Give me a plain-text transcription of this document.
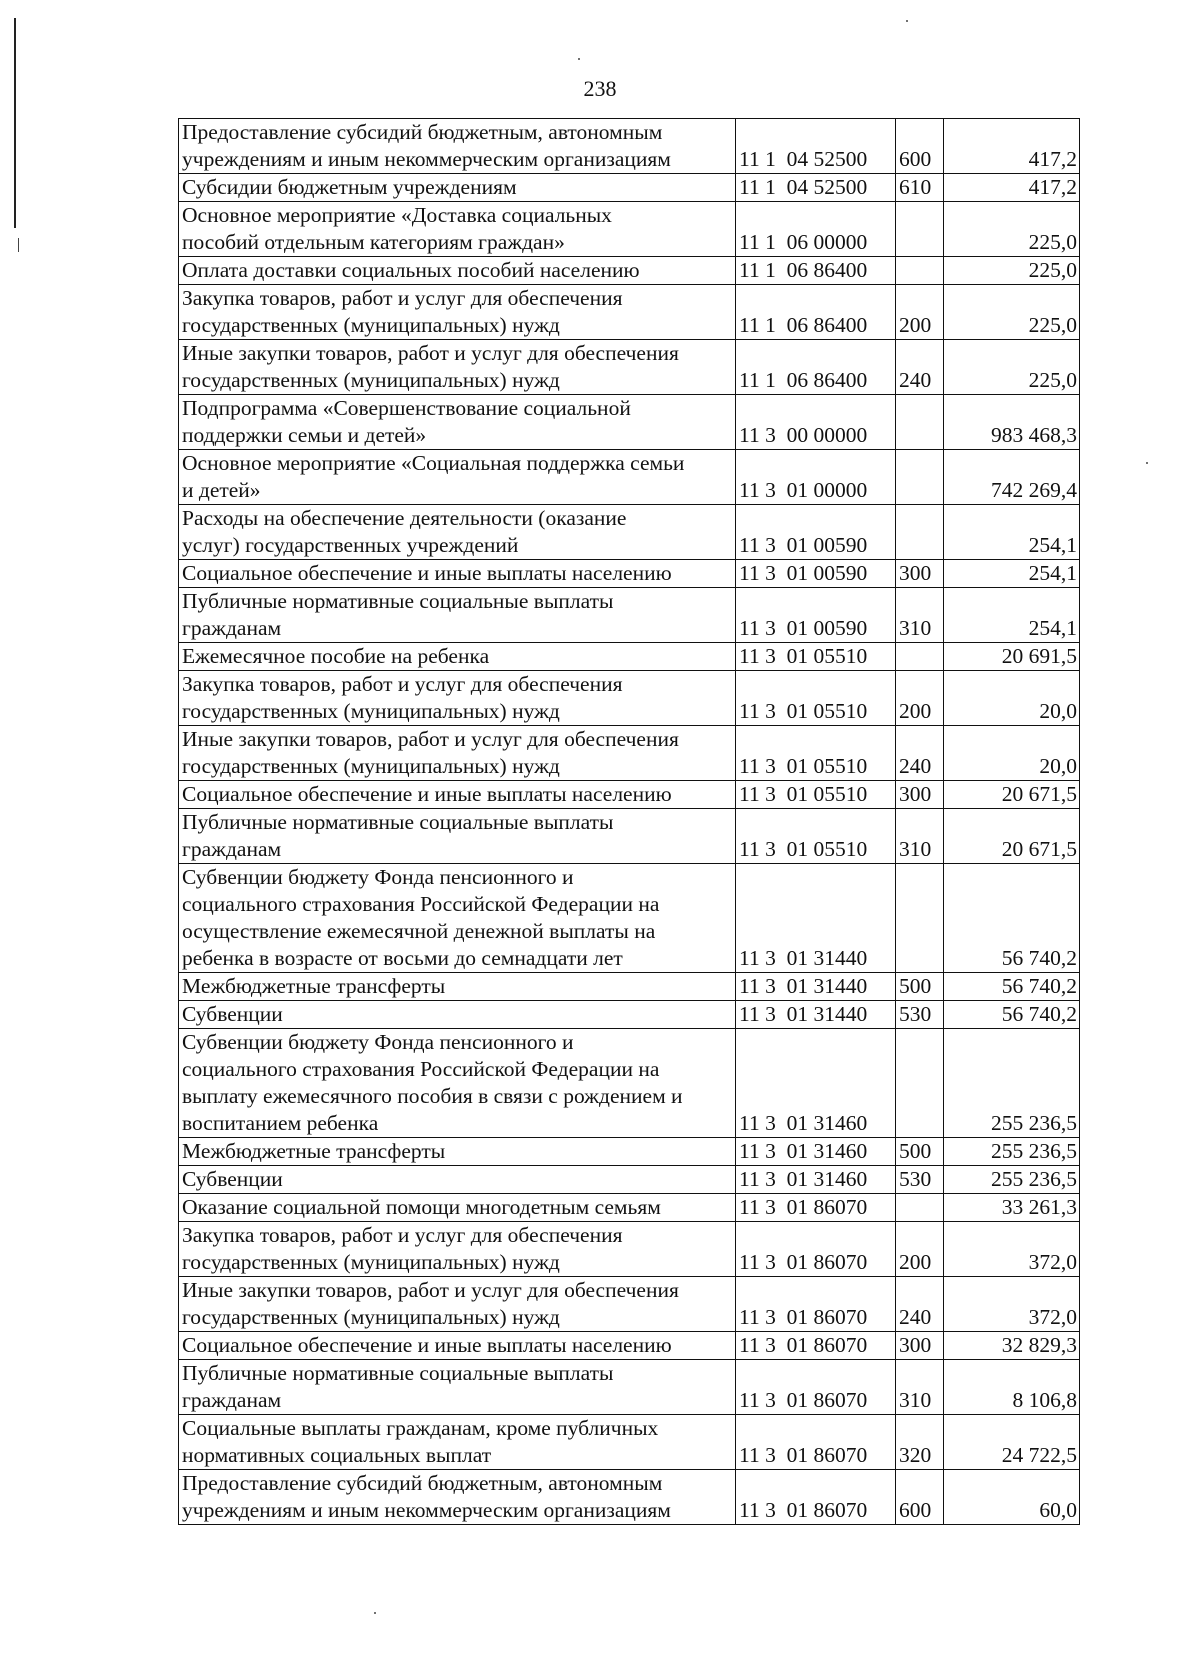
238
Предоставление субсидий бюджетным, автономным
учреждениям и иным некоммерческим организациям	11 1  04 52500	600	417,2
Субсидии бюджетным учреждениям	11 1  04 52500	610	417,2
Основное мероприятие «Доставка социальных
пособий отдельным категориям граждан»	11 1  06 00000		225,0
Оплата доставки социальных пособий населению	11 1  06 86400		225,0
Закупка товаров, работ и услуг для обеспечения
государственных (муниципальных) нужд	11 1  06 86400	200	225,0
Иные закупки товаров, работ и услуг для обеспечения
государственных (муниципальных) нужд	11 1  06 86400	240	225,0
Подпрограмма «Совершенствование социальной
поддержки семьи и детей»	11 3  00 00000		983 468,3
Основное мероприятие «Социальная поддержка семьи
и детей»	11 3  01 00000		742 269,4
Расходы на обеспечение деятельности (оказание
услуг) государственных учреждений	11 3  01 00590		254,1
Социальное обеспечение и иные выплаты населению	11 3  01 00590	300	254,1
Публичные нормативные социальные выплаты
гражданам	11 3  01 00590	310	254,1
Ежемесячное пособие на ребенка	11 3  01 05510		20 691,5
Закупка товаров, работ и услуг для обеспечения
государственных (муниципальных) нужд	11 3  01 05510	200	20,0
Иные закупки товаров, работ и услуг для обеспечения
государственных (муниципальных) нужд	11 3  01 05510	240	20,0
Социальное обеспечение и иные выплаты населению	11 3  01 05510	300	20 671,5
Публичные нормативные социальные выплаты
гражданам	11 3  01 05510	310	20 671,5
Субвенции бюджету Фонда пенсионного и
социального страхования Российской Федерации на
осуществление ежемесячной денежной выплаты на
ребенка в возрасте от восьми до семнадцати лет	11 3  01 31440		56 740,2
Межбюджетные трансферты	11 3  01 31440	500	56 740,2
Субвенции	11 3  01 31440	530	56 740,2
Субвенции бюджету Фонда пенсионного и
социального страхования Российской Федерации на
выплату ежемесячного пособия в связи с рождением и
воспитанием ребенка	11 3  01 31460		255 236,5
Межбюджетные трансферты	11 3  01 31460	500	255 236,5
Субвенции	11 3  01 31460	530	255 236,5
Оказание социальной помощи многодетным семьям	11 3  01 86070		33 261,3
Закупка товаров, работ и услуг для обеспечения
государственных (муниципальных) нужд	11 3  01 86070	200	372,0
Иные закупки товаров, работ и услуг для обеспечения
государственных (муниципальных) нужд	11 3  01 86070	240	372,0
Социальное обеспечение и иные выплаты населению	11 3  01 86070	300	32 829,3
Публичные нормативные социальные выплаты
гражданам	11 3  01 86070	310	8 106,8
Социальные выплаты гражданам, кроме публичных
нормативных социальных выплат	11 3  01 86070	320	24 722,5
Предоставление субсидий бюджетным, автономным
учреждениям и иным некоммерческим организациям	11 3  01 86070	600	60,0
